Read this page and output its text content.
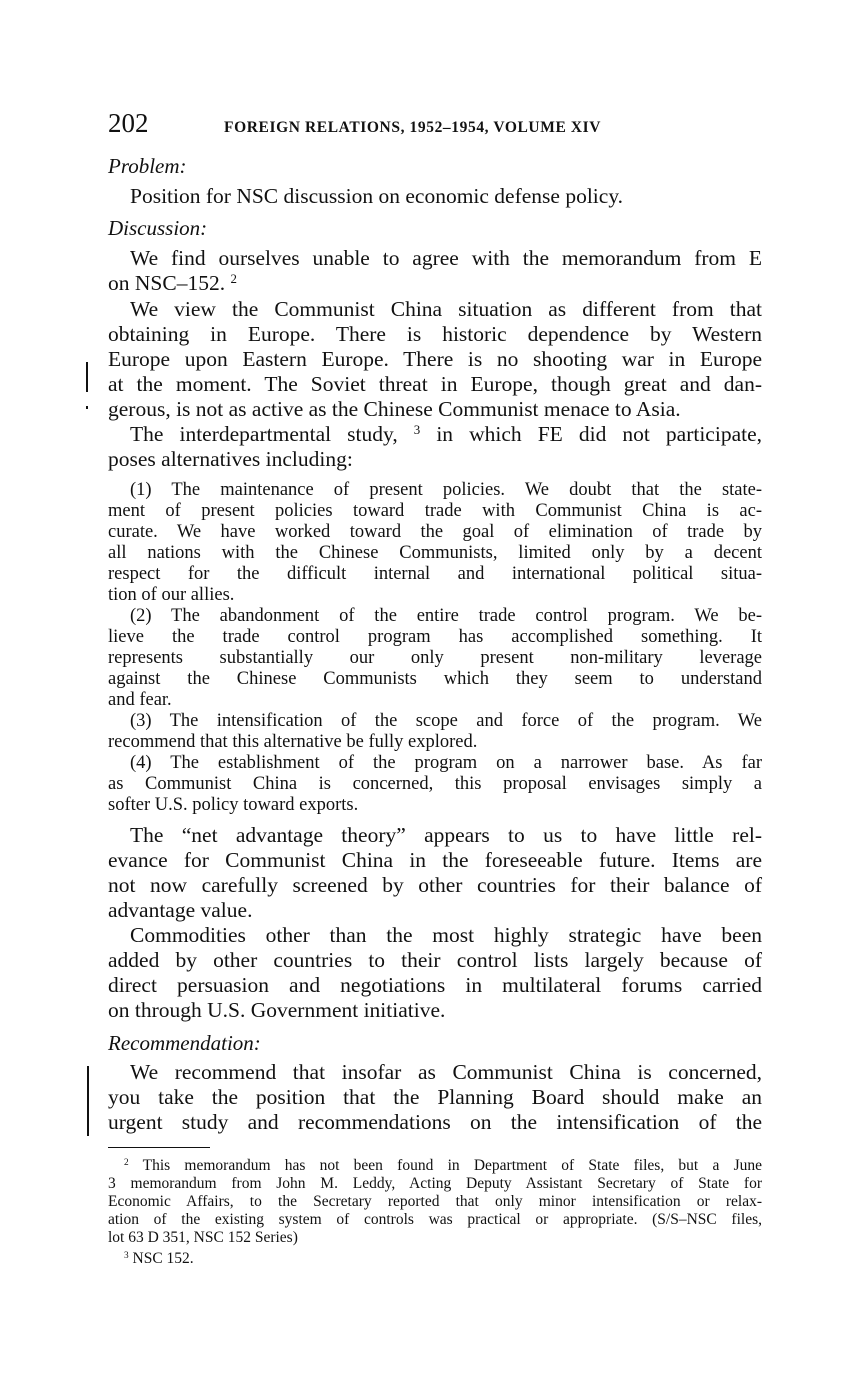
202	FOREIGN RELATIONS, 1952–1954, VOLUME XIV
Problem:
Position for NSC discussion on economic defense policy.
Discussion:
We find ourselves unable to agree with the memorandum from E
on NSC–152. $^2$
We view the Communist China situation as different from that
obtaining in Europe. There is historic dependence by Western
Europe upon Eastern Europe. There is no shooting war in Europe
at the moment. The Soviet threat in Europe, though great and dan-
gerous, is not as active as the Chinese Communist menace to Asia.
The interdepartmental study, $^3$ in which FE did not participate,
poses alternatives including:
(1) The maintenance of present policies. We doubt that the state-
ment of present policies toward trade with Communist China is ac-
curate. We have worked toward the goal of elimination of trade by
all nations with the Chinese Communists, limited only by a decent
respect for the difficult internal and international political situa-
tion of our allies.
(2) The abandonment of the entire trade control program. We be-
lieve the trade control program has accomplished something. It
represents substantially our only present non-military leverage
against the Chinese Communists which they seem to understand
and fear.
(3) The intensification of the scope and force of the program. We
recommend that this alternative be fully explored.
(4) The establishment of the program on a narrower base. As far
as Communist China is concerned, this proposal envisages simply a
softer U.S. policy toward exports.
The “net advantage theory” appears to us to have little rel-
evance for Communist China in the foreseeable future. Items are
not now carefully screened by other countries for their balance of
advantage value.
Commodities other than the most highly strategic have been
added by other countries to their control lists largely because of
direct persuasion and negotiations in multilateral forums carried
on through U.S. Government initiative.
Recommendation:
We recommend that insofar as Communist China is concerned,
you take the position that the Planning Board should make an
urgent study and recommendations on the intensification of the
$^2$ This memorandum has not been found in Department of State files, but a June
3 memorandum from John M. Leddy, Acting Deputy Assistant Secretary of State for
Economic Affairs, to the Secretary reported that only minor intensification or relax-
ation of the existing system of controls was practical or appropriate. (S/S–NSC files,
lot 63 D 351, NSC 152 Series)
$^3$ NSC 152.
